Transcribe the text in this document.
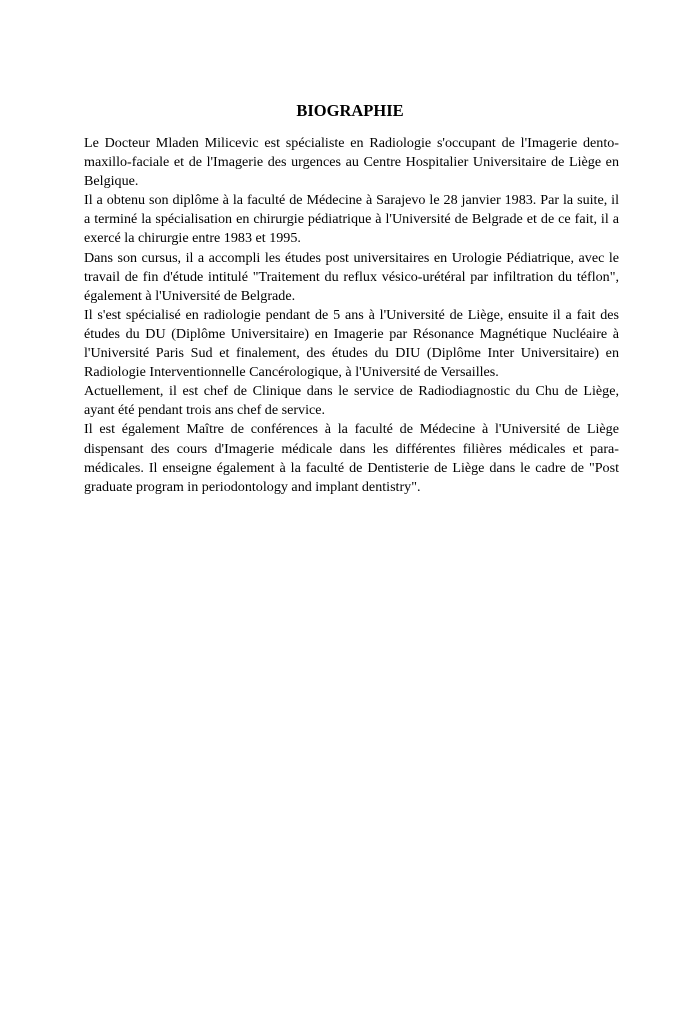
BIOGRAPHIE

Le Docteur Mladen Milicevic est spécialiste en Radiologie s'occupant de l'Imagerie dento-maxillo-faciale et de l'Imagerie des urgences au Centre Hospitalier Universitaire de Liège en Belgique.

Il a obtenu son diplôme à la faculté de Médecine à Sarajevo le 28 janvier 1983. Par la suite, il a terminé la spécialisation en chirurgie pédiatrique à l'Université de Belgrade et de ce fait, il a exercé la chirurgie entre 1983 et 1995.

Dans son cursus, il a accompli les études post universitaires en Urologie Pédiatrique, avec le travail de fin d'étude intitulé "Traitement du reflux vésico-urétéral par infiltration du téflon", également à l'Université de Belgrade.

Il s'est spécialisé en radiologie pendant de 5 ans à l'Université de Liège, ensuite il a fait des études du DU (Diplôme Universitaire) en Imagerie par Résonance Magnétique Nucléaire à l'Université Paris Sud et finalement, des études du DIU (Diplôme Inter Universitaire) en Radiologie Interventionnelle Cancérologique, à l'Université de Versailles.

Actuellement, il est chef de Clinique dans le service de Radiodiagnostic du Chu de Liège, ayant été pendant trois ans chef de service.

Il est également Maître de conférences à la faculté de Médecine à l'Université de Liège dispensant des cours d'Imagerie médicale dans les différentes filières médicales et para-médicales. Il enseigne également à la faculté de Dentisterie de Liège dans le cadre de "Post graduate program in periodontology and implant dentistry".
